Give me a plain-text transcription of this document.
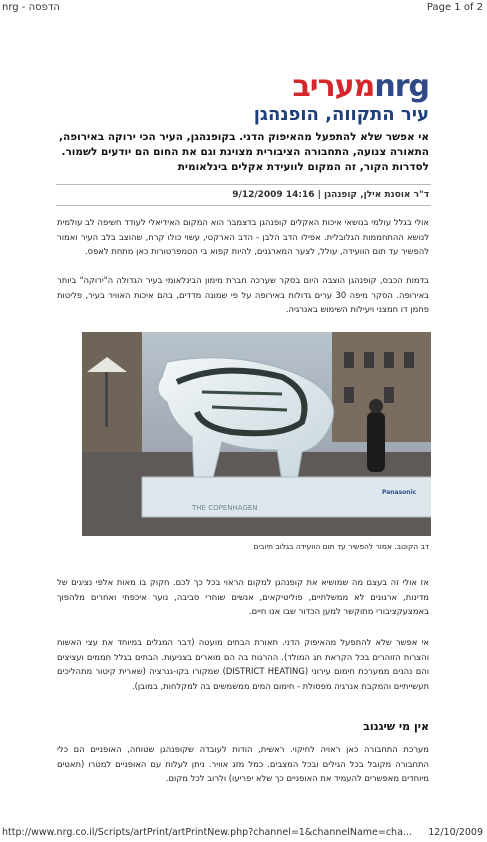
nrg - הדפסה	Page 1 of 2
מעריבnrg
עיר התקווה, הופנהגן
אי אפשר שלא להתפעל מהאיפוק הדני. בקופנהגן, העיר הכי ירוקה באירופה, התאורה צנועה, התחבורה הציבורית מצוינת וגם את החום הם יודעים לשמור. לסדרות הקור, זה המקום לוועידת אקלים בינלאומית
ד"ר אוסנת אילן, קופנהגן | 14:16 9/12/2009
אולי בגלל עולמי בנושאי איכות האקלים קופנהגן בדצמבר הוא המקום האידיאלי לעודד חשיפה לב עולמית לנושא ההתחממות הגלובלית. אפילו הדב הלבן - הדב הארקטי, עשוי כולו קרח, שהוצב בלב העיר ואמור להפשיר עד תום הוועידה, עולל, לצער המארגנים, להיות קפוא בי הטמפרטורות כאן מתחת לאפס.
בדמות הכבס, קופנהגן הוצבה היום בסקר שערכה חברת מימון הבינלאומי בעיר הגדולה ה"ירוקה" ביותר באירופה. הסקר מיפה 30 ערים גדולות באירופה על פי שמונה מדדים, בהם איכות האוויר בעיר, פליטות פחמן דו חמצני ויעילות השימוש באנרגיה.
THE COPENHAGEN
Panasonic
דב הקוטב. אמור להפשיר עד תום הוועידה בגלוב חיובים
אז אולי זה בעצם מה שמושיא את קופנהגן למקום הראוי בכל כך לכם. חקוק בו מאות אלפי נציגים של מדינות, ארגונים לא ממשלתיים, פוליטיקאים, אנשים שוחרי סביבה, נוער איכפתי ואחרים מלהפוך באמצעקציבורי מתוקשר למען הכדור שבו אנו חיים.
אי אפשר שלא להתפעל מהאיפוק הדני. תאורת הבתים מועטה (דבר המגלים במיוחד את עצי האשוח והצרות הזוהרים בכל הקראת חג המולד). ההרגות בה הם מוארים בצניעות. הבתים בגלל חממים ועציצים והם נהנים ממערכת חימום עירוני (DISTRICT HEATING) שמקורו בקו-גנרציה (שארית קיטור מתהליכים תעשייתיים והמקבת אנרגיה מפסולת - חימום המים ממשמשים בה למקלחות, במובן).
אין מי שיגנוב
מערכת התחבורה כאן ראויה לחיקוי. ראשית, הודות לעובדה שקופנהגן שטוחה, האופניים הם כלי התחבורה מקובל בכל הגילים ובכל המצבים. כמל מזג אוויר. ניתן לעלות עם האופניים למטרו (תאטים מיוחדים מאפשרים להעמיד את האופניים כך שלא יפריעו) ולרוב לכל מקום.
http://www.nrg.co.il/Scripts/artPrint/artPrintNew.php?channel=1&channelName=cha... 12/10/2009
